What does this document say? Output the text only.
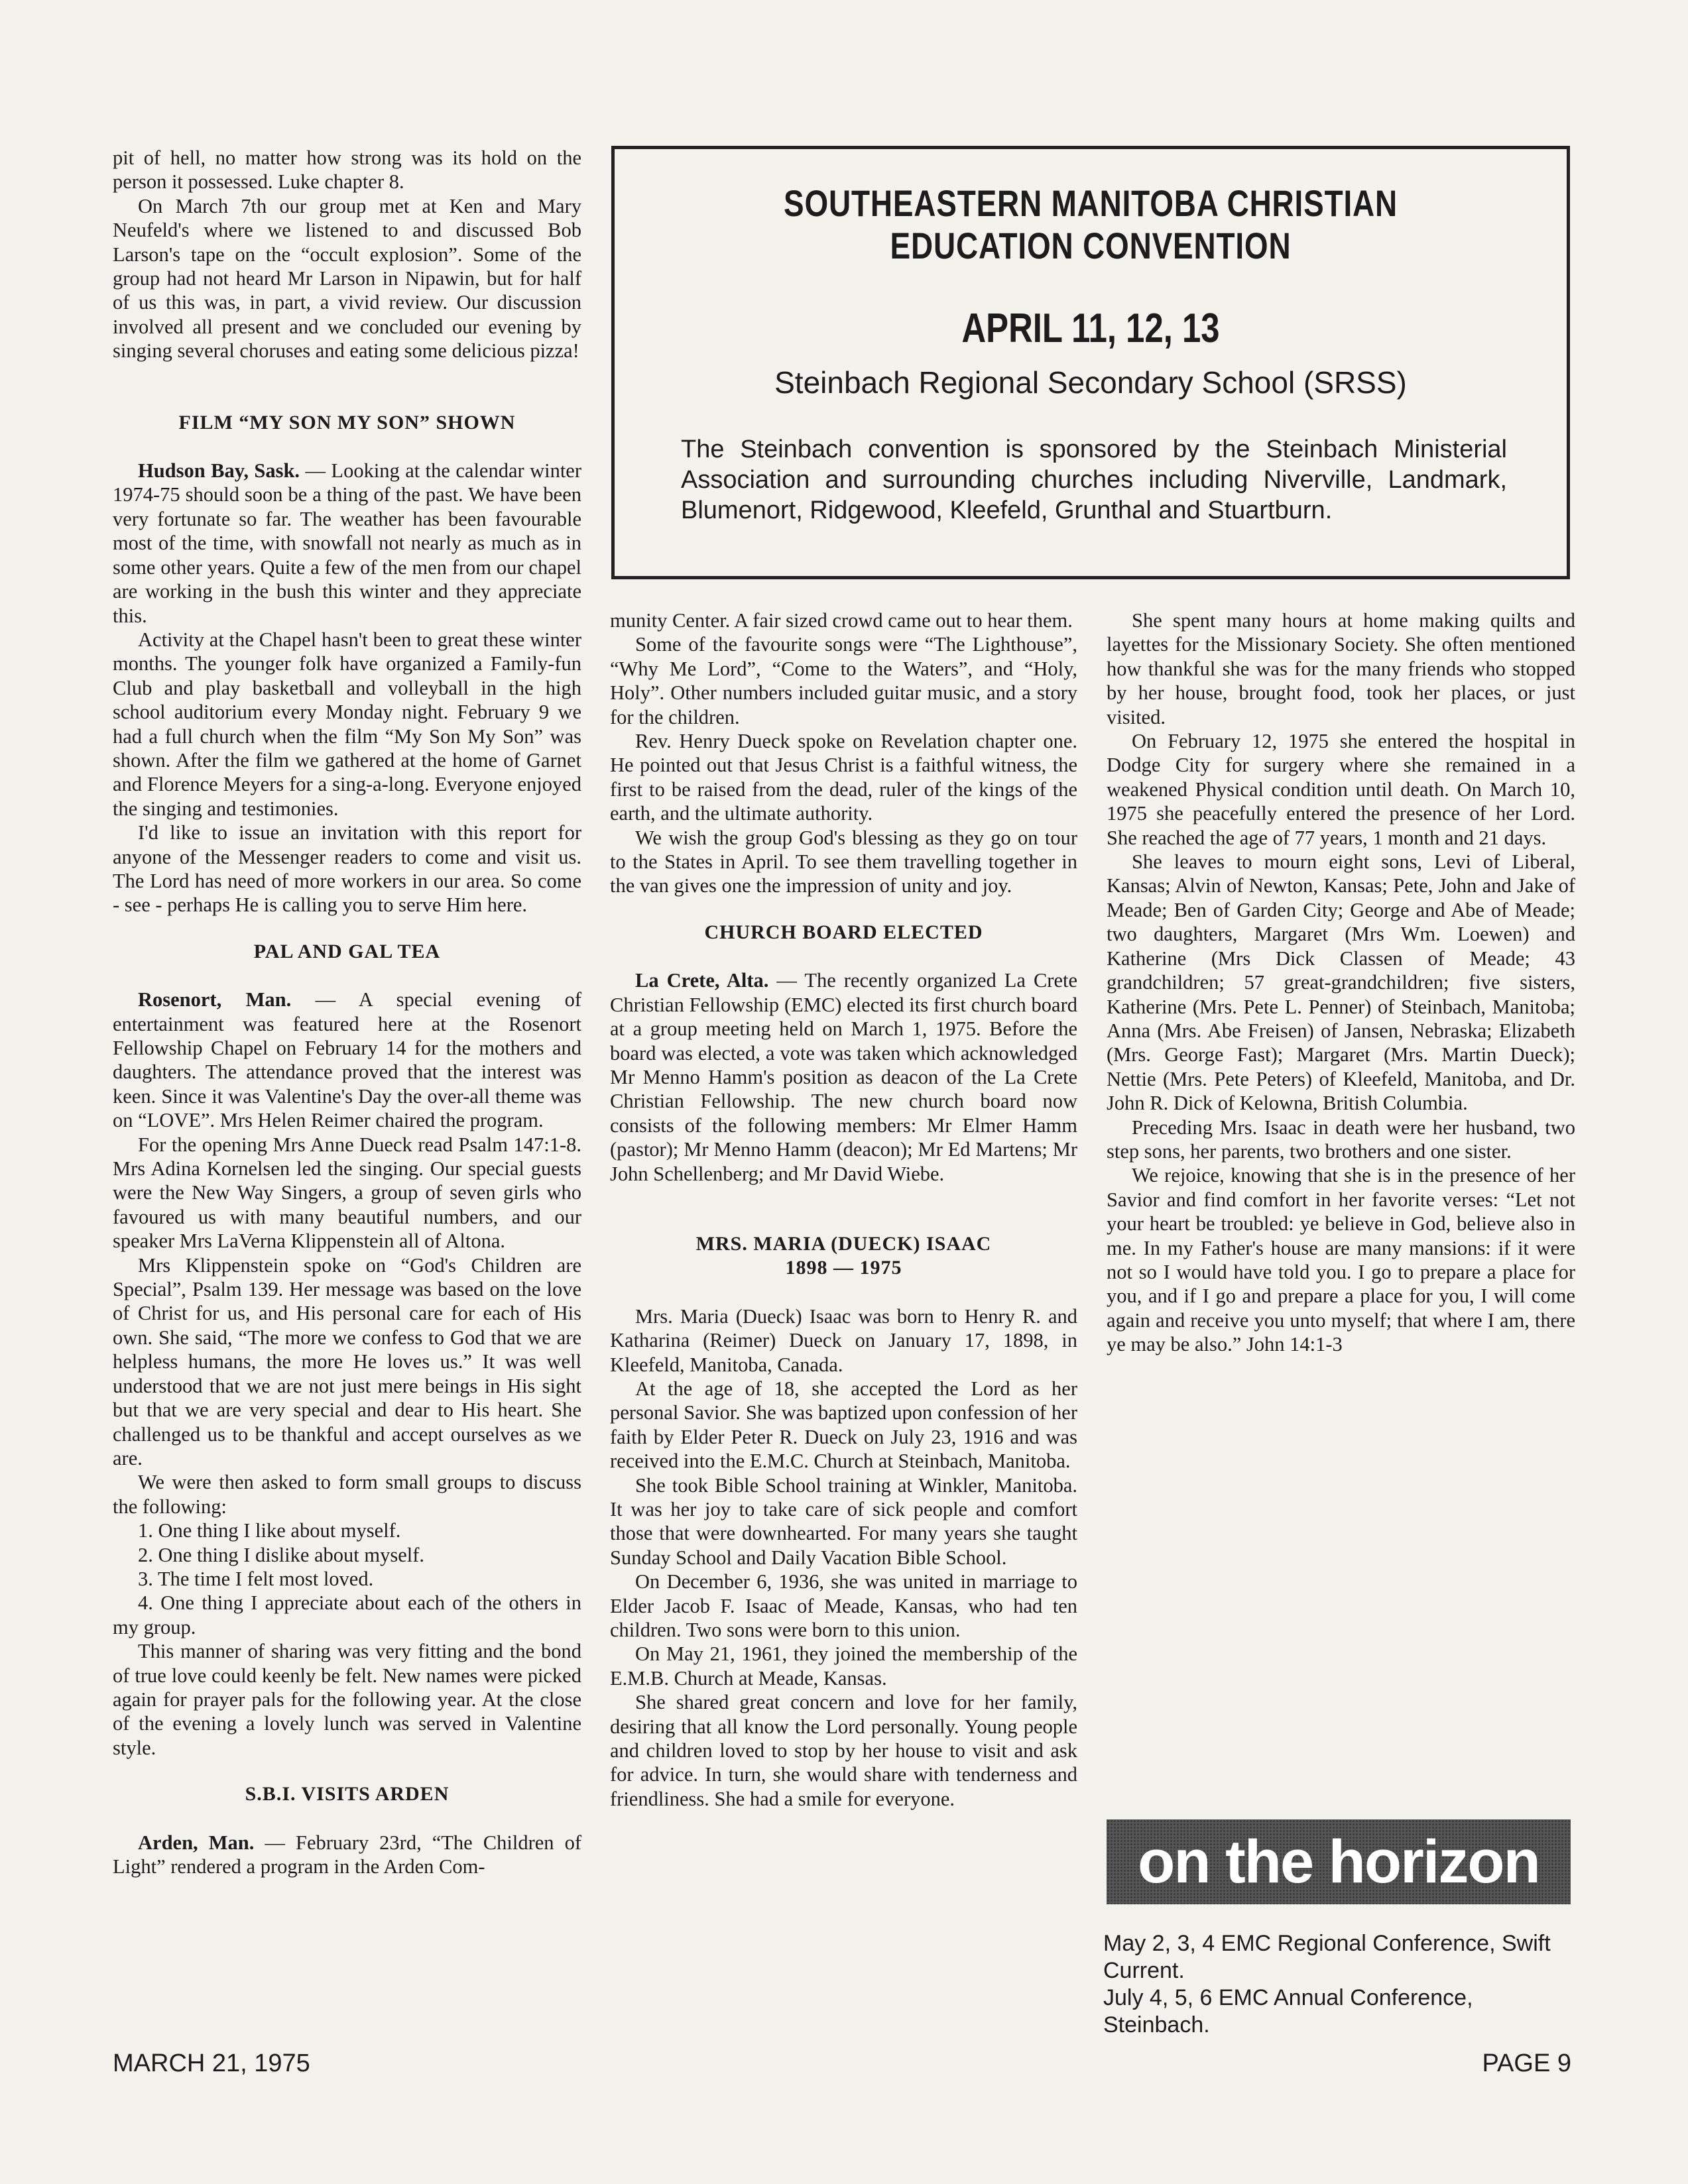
pit of hell, no matter how strong was its hold on the person it possessed. Luke chapter 8.

On March 7th our group met at Ken and Mary Neufeld's where we listened to and discussed Bob Larson's tape on the “occult explosion”. Some of the group had not heard Mr Larson in Nipawin, but for half of us this was, in part, a vivid review. Our discussion involved all present and we concluded our evening by singing several choruses and eating some delicious pizza!

FILM “MY SON MY SON” SHOWN

Hudson Bay, Sask. — Looking at the calendar winter 1974-75 should soon be a thing of the past. We have been very fortunate so far. The weather has been favourable most of the time, with snowfall not nearly as much as in some other years. Quite a few of the men from our chapel are working in the bush this winter and they appreciate this.

Activity at the Chapel hasn't been to great these winter months. The younger folk have organized a Family-fun Club and play basketball and volleyball in the high school auditorium every Monday night. February 9 we had a full church when the film “My Son My Son” was shown. After the film we gathered at the home of Garnet and Florence Meyers for a sing-a-long. Everyone enjoyed the singing and testimonies.

I'd like to issue an invitation with this report for anyone of the Messenger readers to come and visit us. The Lord has need of more workers in our area. So come - see - perhaps He is calling you to serve Him here.

PAL AND GAL TEA

Rosenort, Man. — A special evening of entertainment was featured here at the Rosenort Fellowship Chapel on February 14 for the mothers and daughters. The attendance proved that the interest was keen. Since it was Valentine's Day the over-all theme was on “LOVE”. Mrs Helen Reimer chaired the program.

For the opening Mrs Anne Dueck read Psalm 147:1-8. Mrs Adina Kornelsen led the singing. Our special guests were the New Way Singers, a group of seven girls who favoured us with many beautiful numbers, and our speaker Mrs LaVerna Klippenstein all of Altona.

Mrs Klippenstein spoke on “God's Children are Special”, Psalm 139. Her message was based on the love of Christ for us, and His personal care for each of His own. She said, “The more we confess to God that we are helpless humans, the more He loves us.” It was well understood that we are not just mere beings in His sight but that we are very special and dear to His heart. She challenged us to be thankful and accept ourselves as we are.

We were then asked to form small groups to discuss the following:

1. One thing I like about myself.

2. One thing I dislike about myself.

3. The time I felt most loved.

4. One thing I appreciate about each of the others in my group.

This manner of sharing was very fitting and the bond of true love could keenly be felt. New names were picked again for prayer pals for the following year. At the close of the evening a lovely lunch was served in Valentine style.

S.B.I. VISITS ARDEN

Arden, Man. — February 23rd, “The Children of Light” rendered a program in the Arden Com-

SOUTHEASTERN MANITOBA CHRISTIAN EDUCATION CONVENTION
APRIL 11, 12, 13
Steinbach Regional Secondary School (SRSS)
The Steinbach convention is sponsored by the Steinbach Ministerial Association and surrounding churches including Niverville, Landmark, Blumenort, Ridgewood, Kleefeld, Grunthal and Stuartburn.

munity Center. A fair sized crowd came out to hear them.

Some of the favourite songs were “The Lighthouse”, “Why Me Lord”, “Come to the Waters”, and “Holy, Holy”. Other numbers included guitar music, and a story for the children.

Rev. Henry Dueck spoke on Revelation chapter one. He pointed out that Jesus Christ is a faithful witness, the first to be raised from the dead, ruler of the kings of the earth, and the ultimate authority.

We wish the group God's blessing as they go on tour to the States in April. To see them travelling together in the van gives one the impression of unity and joy.

CHURCH BOARD ELECTED

La Crete, Alta. — The recently organized La Crete Christian Fellowship (EMC) elected its first church board at a group meeting held on March 1, 1975. Before the board was elected, a vote was taken which acknowledged Mr Menno Hamm's position as deacon of the La Crete Christian Fellowship. The new church board now consists of the following members: Mr Elmer Hamm (pastor); Mr Menno Hamm (deacon); Mr Ed Martens; Mr John Schellenberg; and Mr David Wiebe.

MRS. MARIA (DUECK) ISAAC

1898 — 1975

Mrs. Maria (Dueck) Isaac was born to Henry R. and Katharina (Reimer) Dueck on January 17, 1898, in Kleefeld, Manitoba, Canada.

At the age of 18, she accepted the Lord as her personal Savior. She was baptized upon confession of her faith by Elder Peter R. Dueck on July 23, 1916 and was received into the E.M.C. Church at Steinbach, Manitoba.

She took Bible School training at Winkler, Manitoba. It was her joy to take care of sick people and comfort those that were downhearted. For many years she taught Sunday School and Daily Vacation Bible School.

On December 6, 1936, she was united in marriage to Elder Jacob F. Isaac of Meade, Kansas, who had ten children. Two sons were born to this union.

On May 21, 1961, they joined the membership of the E.M.B. Church at Meade, Kansas.

She shared great concern and love for her family, desiring that all know the Lord personally. Young people and children loved to stop by her house to visit and ask for advice. In turn, she would share with tenderness and friendliness. She had a smile for everyone.

She spent many hours at home making quilts and layettes for the Missionary Society. She often mentioned how thankful she was for the many friends who stopped by her house, brought food, took her places, or just visited.

On February 12, 1975 she entered the hospital in Dodge City for surgery where she remained in a weakened Physical condition until death. On March 10, 1975 she peacefully entered the presence of her Lord. She reached the age of 77 years, 1 month and 21 days.

She leaves to mourn eight sons, Levi of Liberal, Kansas; Alvin of Newton, Kansas; Pete, John and Jake of Meade; Ben of Garden City; George and Abe of Meade; two daughters, Margaret (Mrs Wm. Loewen) and Katherine (Mrs Dick Classen of Meade; 43 grandchildren; 57 great-grandchildren; five sisters, Katherine (Mrs. Pete L. Penner) of Steinbach, Manitoba; Anna (Mrs. Abe Freisen) of Jansen, Nebraska; Elizabeth (Mrs. George Fast); Margaret (Mrs. Martin Dueck); Nettie (Mrs. Pete Peters) of Kleefeld, Manitoba, and Dr. John R. Dick of Kelowna, British Columbia.

Preceding Mrs. Isaac in death were her husband, two step sons, her parents, two brothers and one sister.

We rejoice, knowing that she is in the presence of her Savior and find comfort in her favorite verses: “Let not your heart be troubled: ye believe in God, believe also in me. In my Father's house are many mansions: if it were not so I would have told you. I go to prepare a place for you, and if I go and prepare a place for you, I will come again and receive you unto myself; that where I am, there ye may be also.” John 14:1-3

on the horizon
May 2, 3, 4 EMC Regional Conference, Swift Current.
July 4, 5, 6 EMC Annual Conference, Steinbach.
MARCH 21, 1975	PAGE 9
